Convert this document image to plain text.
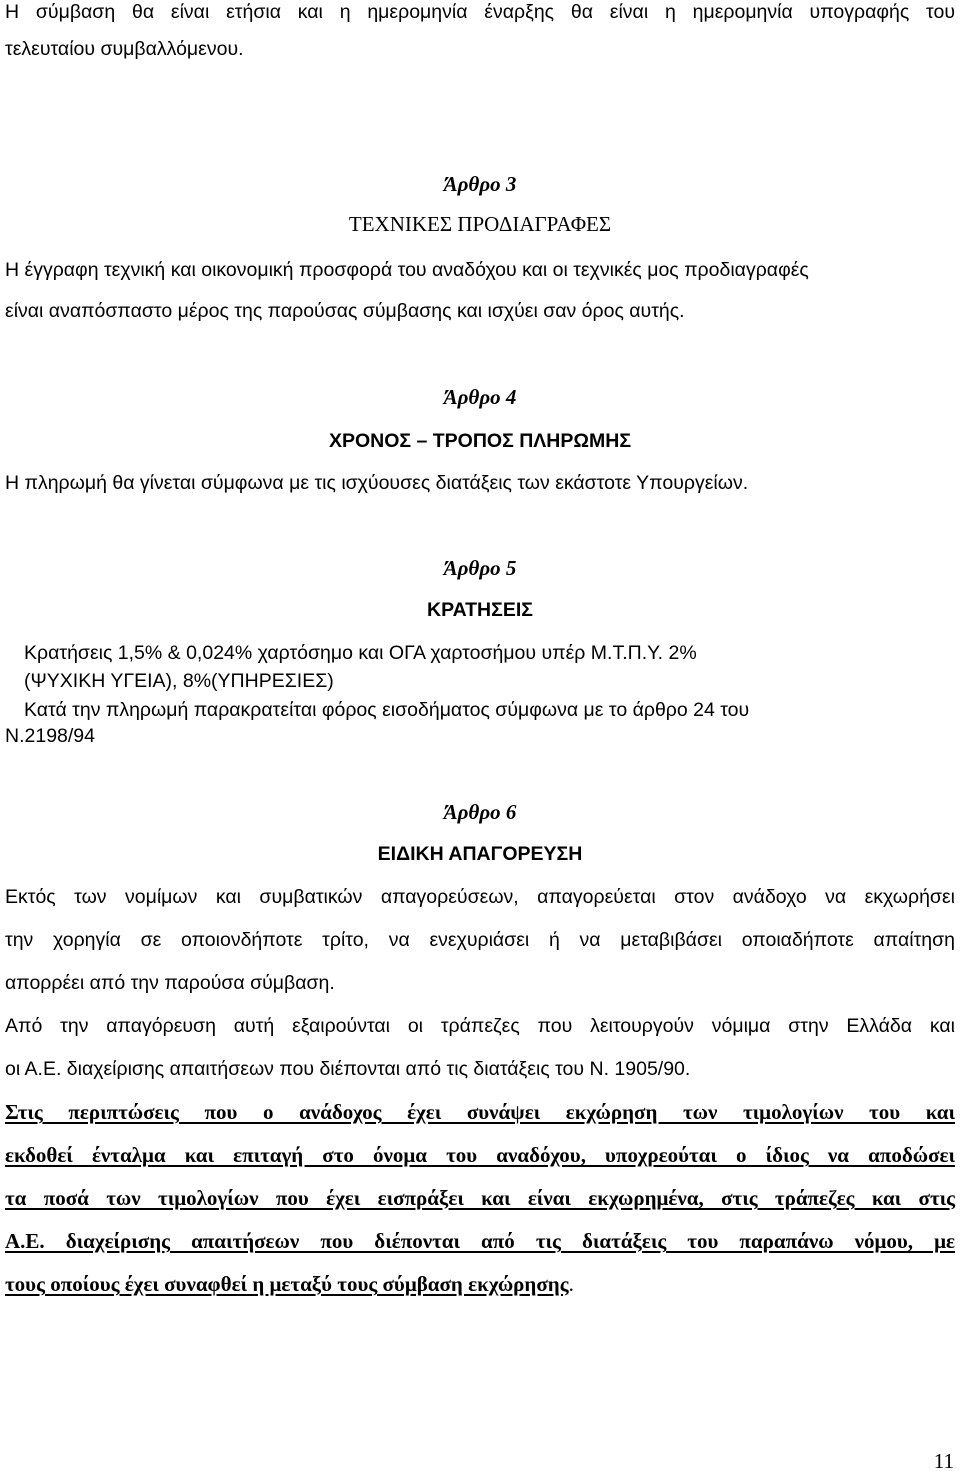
Η σύμβαση θα είναι ετήσια και η ημερομηνία έναρξης θα είναι η ημερομηνία υπογραφής του
τελευταίου συμβαλλόμενου.
Άρθρο 3
ΤΕΧΝΙΚΕΣ ΠΡΟΔΙΑΓΡΑΦΕΣ
Η έγγραφη τεχνική και οικονομική προσφορά του αναδόχου και οι τεχνικές μος προδιαγραφές
είναι αναπόσπαστο μέρος της παρούσας σύμβασης και ισχύει σαν όρος αυτής.
Άρθρο 4
ΧΡΟΝΟΣ – ΤΡΟΠΟΣ ΠΛΗΡΩΜΗΣ
Η πληρωμή θα γίνεται σύμφωνα με τις ισχύουσες διατάξεις των εκάστοτε Υπουργείων.
Άρθρο 5
ΚΡΑΤΗΣΕΙΣ
Κρατήσεις 1,5% & 0,024% χαρτόσημο και ΟΓΑ χαρτοσήμου υπέρ Μ.Τ.Π.Υ. 2%
(ΨΥΧΙΚΗ ΥΓΕΙΑ), 8%(ΥΠΗΡΕΣΙΕΣ)
Κατά την πληρωμή παρακρατείται φόρος εισοδήματος σύμφωνα με το άρθρο 24 του
Ν.2198/94
Άρθρο 6
ΕΙΔΙΚΗ ΑΠΑΓΟΡΕΥΣΗ
Εκτός των νομίμων και συμβατικών απαγορεύσεων, απαγορεύεται στον ανάδοχο να εκχωρήσει
την χορηγία σε οποιονδήποτε τρίτο, να ενεχυριάσει ή να μεταβιβάσει οποιαδήποτε απαίτηση
απορρέει από την παρούσα σύμβαση.
Από την απαγόρευση αυτή εξαιρούνται οι τράπεζες που λειτουργούν νόμιμα στην Ελλάδα και
οι Α.Ε. διαχείρισης απαιτήσεων που διέπονται από τις διατάξεις του Ν. 1905/90.
Στις περιπτώσεις που ο ανάδοχος έχει συνάψει εκχώρηση των τιμολογίων του και
εκδοθεί ένταλμα και επιταγή στο όνομα του αναδόχου, υποχρεούται ο ίδιος να αποδώσει
τα ποσά των τιμολογίων που έχει εισπράξει και είναι εκχωρημένα, στις τράπεζες και στις
Α.Ε. διαχείρισης απαιτήσεων που διέπονται από τις διατάξεις του παραπάνω νόμου, με
τους οποίους έχει συναφθεί η μεταξύ τους σύμβαση εκχώρησης.
11
